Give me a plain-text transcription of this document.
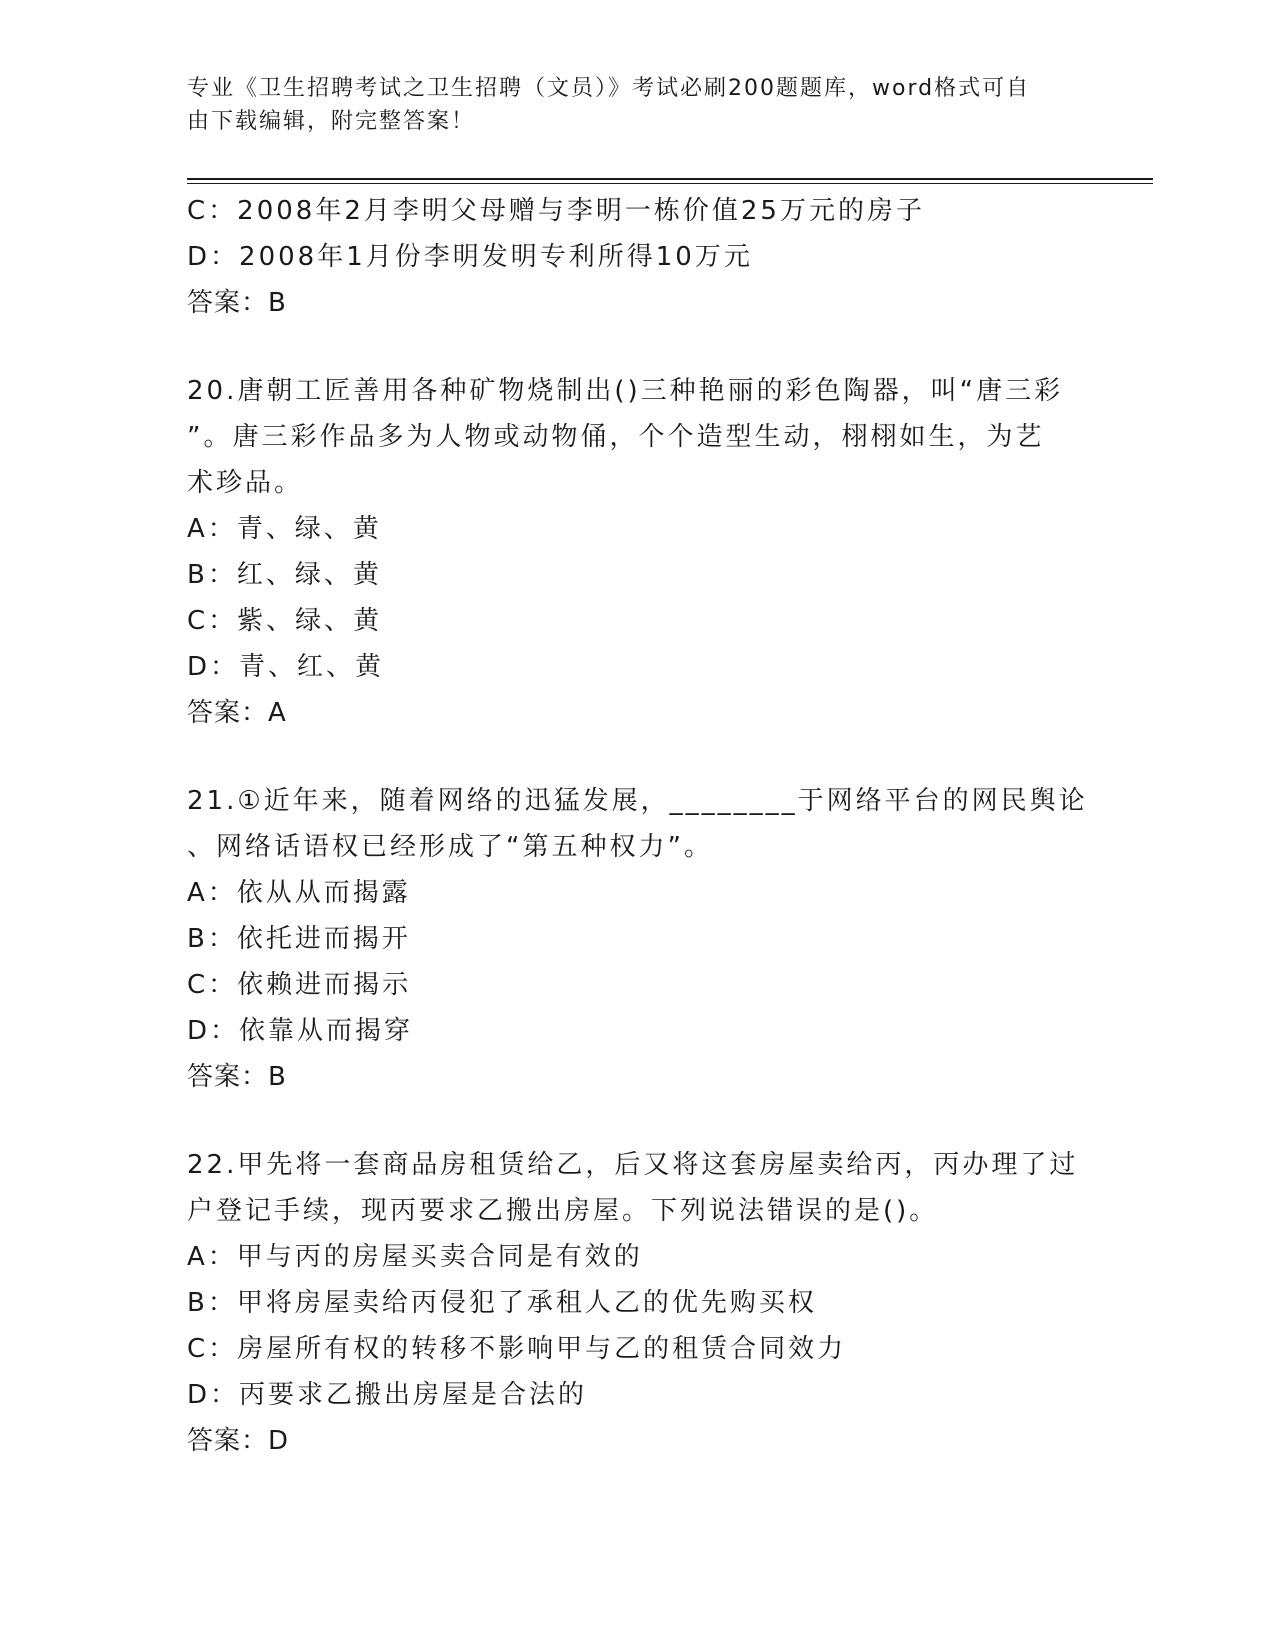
专业《卫生招聘考试之卫生招聘（文员）》考试必刷200题题库，word格式可自
由下载编辑，附完整答案！
C：2008年2月李明父母赠与李明一栋价值25万元的房子
D：2008年1月份李明发明专利所得10万元
答案：B
20.唐朝工匠善用各种矿物烧制出()三种艳丽的彩色陶器，叫“唐三彩
”。唐三彩作品多为人物或动物俑，个个造型生动，栩栩如生，为艺
术珍品。
A：青、绿、黄
B：红、绿、黄
C：紫、绿、黄
D：青、红、黄
答案：A
21.①近年来，随着网络的迅猛发展，________于网络平台的网民舆论
、网络话语权已经形成了“第五种权力”。
A：依从从而揭露
B：依托进而揭开
C：依赖进而揭示
D：依靠从而揭穿
答案：B
22.甲先将一套商品房租赁给乙，后又将这套房屋卖给丙，丙办理了过
户登记手续，现丙要求乙搬出房屋。下列说法错误的是()。
A：甲与丙的房屋买卖合同是有效的
B：甲将房屋卖给丙侵犯了承租人乙的优先购买权
C：房屋所有权的转移不影响甲与乙的租赁合同效力
D：丙要求乙搬出房屋是合法的
答案：D
